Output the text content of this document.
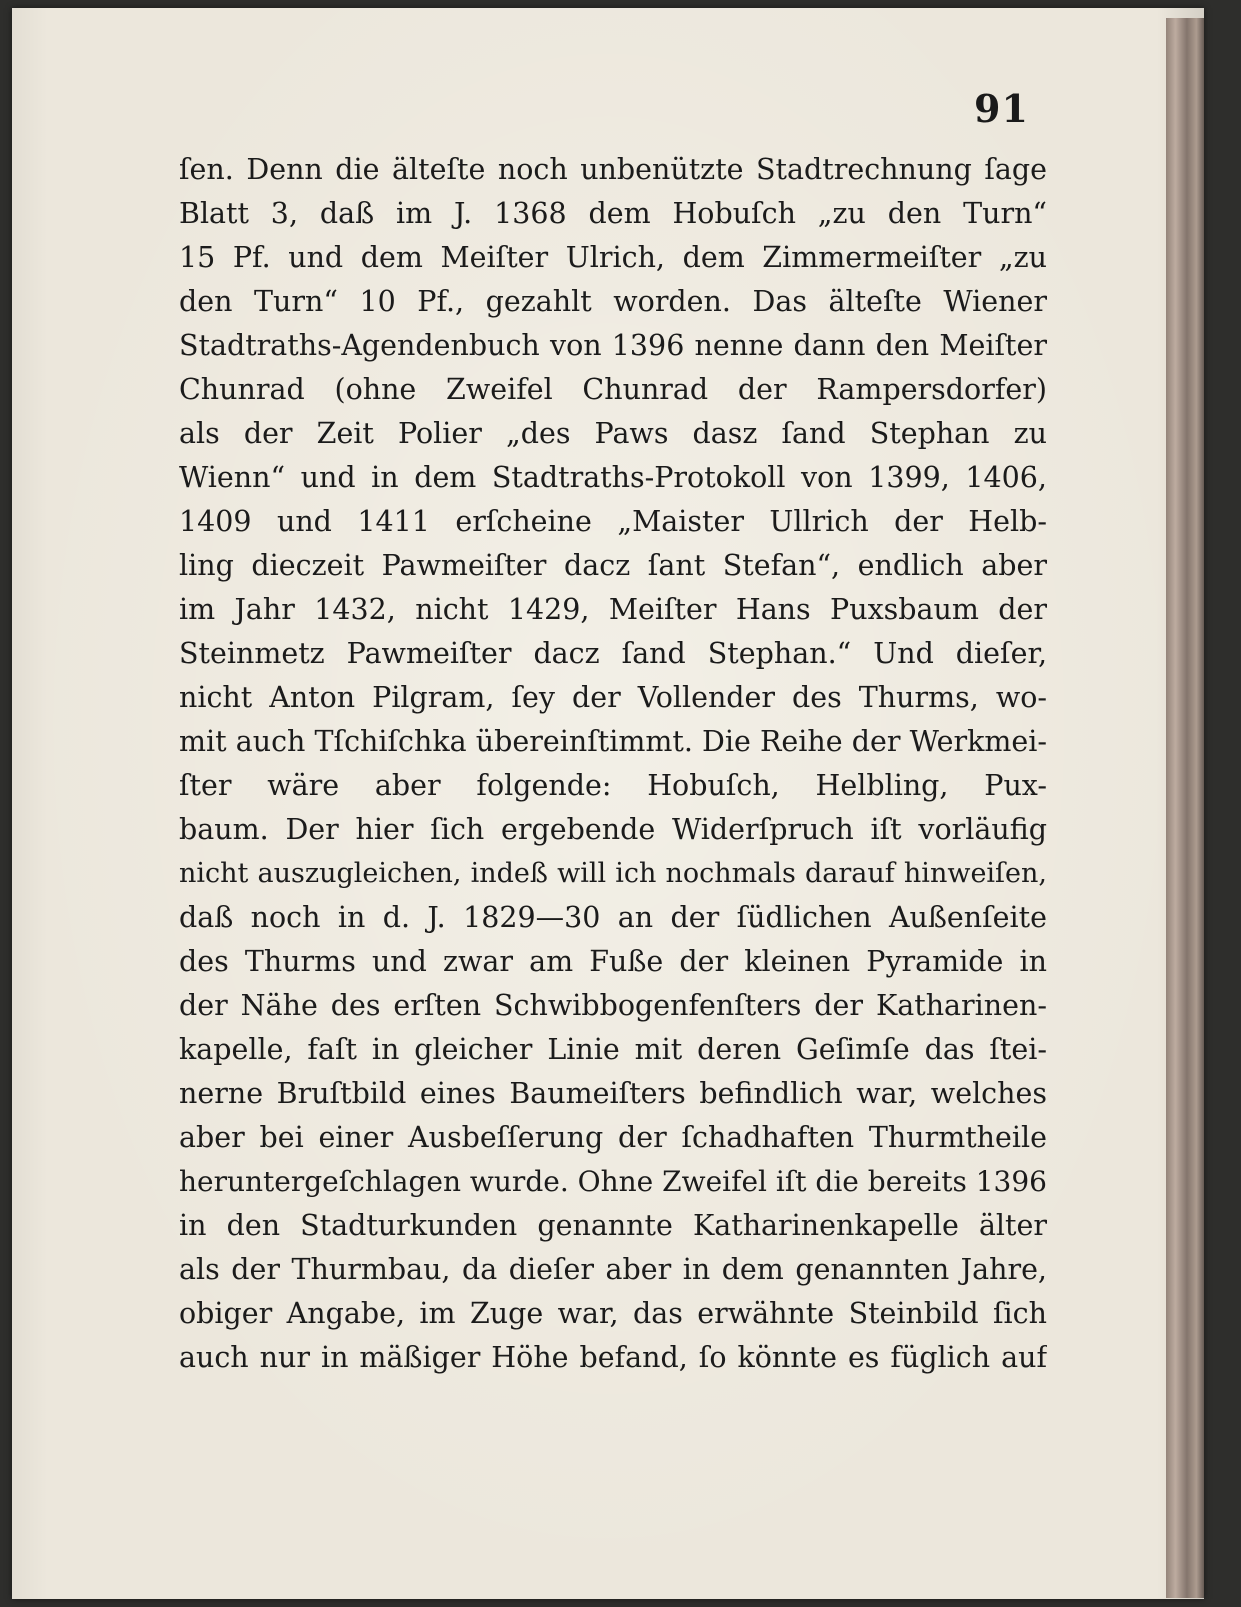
91
ſen. Denn die älteſte noch unbenützte Stadtrechnung ſage
Blatt 3, daß im J. 1368 dem Hobuſch „zu den Turn“
15 Pf. und dem Meiſter Ulrich, dem Zimmermeiſter „zu
den Turn“ 10 Pf., gezahlt worden. Das älteſte Wiener
Stadtraths-Agendenbuch von 1396 nenne dann den Meiſter
Chunrad (ohne Zweifel Chunrad der Rampersdorfer)
als der Zeit Polier „des Paws dasz ſand Stephan zu
Wienn“ und in dem Stadtraths-Protokoll von 1399, 1406,
1409 und 1411 erſcheine „Maister Ullrich der Helb-
ling dieczeit Pawmeiſter dacz ſant Stefan“, endlich aber
im Jahr 1432, nicht 1429, Meiſter Hans Puxsbaum der
Steinmetz Pawmeiſter dacz ſand Stephan.“ Und dieſer,
nicht Anton Pilgram, ſey der Vollender des Thurms, wo-
mit auch Tſchiſchka übereinſtimmt. Die Reihe der Werkmei-
ſter wäre aber folgende: Hobuſch, Helbling, Pux-
baum. Der hier ſich ergebende Widerſpruch iſt vorläufig
nicht auszugleichen, indeß will ich nochmals darauf hinweiſen,
daß noch in d. J. 1829—30 an der ſüdlichen Außenſeite
des Thurms und zwar am Fuße der kleinen Pyramide in
der Nähe des erſten Schwibbogenfenſters der Katharinen-
kapelle, faſt in gleicher Linie mit deren Geſimſe das ſtei-
nerne Bruſtbild eines Baumeiſters befindlich war, welches
aber bei einer Ausbeſſerung der ſchadhaften Thurmtheile
heruntergeſchlagen wurde. Ohne Zweifel iſt die bereits 1396
in den Stadturkunden genannte Katharinenkapelle älter
als der Thurmbau, da dieſer aber in dem genannten Jahre,
obiger Angabe, im Zuge war, das erwähnte Steinbild ſich
auch nur in mäßiger Höhe befand, ſo könnte es füglich auf
